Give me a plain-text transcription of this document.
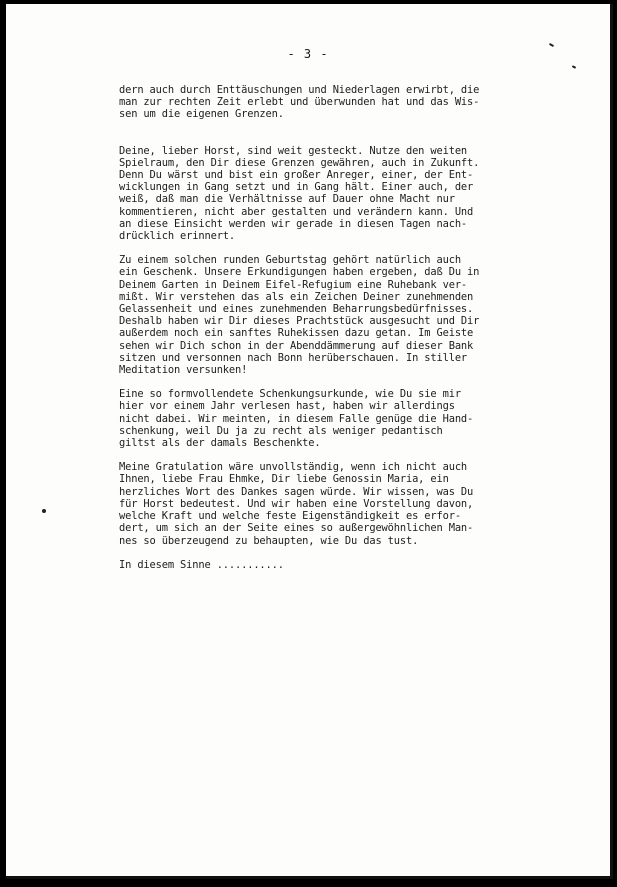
- 3 -

dern auch durch Enttäuschungen und Niederlagen erwirbt, die
man zur rechten Zeit erlebt und überwunden hat und das Wis-
sen um die eigenen Grenzen.

Deine, lieber Horst, sind weit gesteckt. Nutze den weiten
Spielraum, den Dir diese Grenzen gewähren, auch in Zukunft.
Denn Du wärst und bist ein großer Anreger, einer, der Ent-
wicklungen in Gang setzt und in Gang hält. Einer auch, der
weiß, daß man die Verhältnisse auf Dauer ohne Macht nur
kommentieren, nicht aber gestalten und verändern kann. Und
an diese Einsicht werden wir gerade in diesen Tagen nach-
drücklich erinnert.

Zu einem solchen runden Geburtstag gehört natürlich auch
ein Geschenk. Unsere Erkundigungen haben ergeben, daß Du in
Deinem Garten in Deinem Eifel-Refugium eine Ruhebank ver-
mißt. Wir verstehen das als ein Zeichen Deiner zunehmenden
Gelassenheit und eines zunehmenden Beharrungsbedürfnisses.
Deshalb haben wir Dir dieses Prachtstück ausgesucht und Dir
außerdem noch ein sanftes Ruhekissen dazu getan. Im Geiste
sehen wir Dich schon in der Abenddämmerung auf dieser Bank
sitzen und versonnen nach Bonn herüberschauen. In stiller
Meditation versunken!

Eine so formvollendete Schenkungsurkunde, wie Du sie mir
hier vor einem Jahr verlesen hast, haben wir allerdings
nicht dabei. Wir meinten, in diesem Falle genüge die Hand-
schenkung, weil Du ja zu recht als weniger pedantisch
giltst als der damals Beschenkte.

Meine Gratulation wäre unvollständig, wenn ich nicht auch
Ihnen, liebe Frau Ehmke, Dir liebe Genossin Maria, ein
herzliches Wort des Dankes sagen würde. Wir wissen, was Du
für Horst bedeutest. Und wir haben eine Vorstellung davon,
welche Kraft und welche feste Eigenständigkeit es erfor-
dert, um sich an der Seite eines so außergewöhnlichen Man-
nes so überzeugend zu behaupten, wie Du das tust.

In diesem Sinne ...........
